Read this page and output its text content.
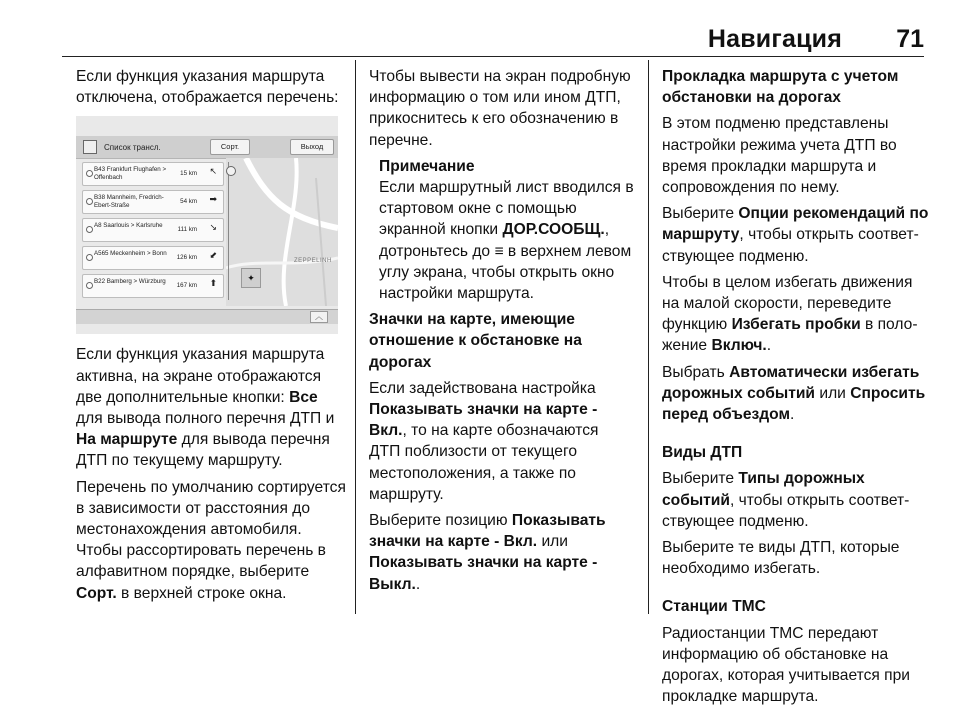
Навигация 71

Если функция указания маршрута отключена, отображается перечень:

Список трансл.	Сорт.	Выход
B43 Frankfurt Flughafen > Offenbach
15 km ↖
B38 Mannheim, Fredrich-Ebert-Straße
54 km ➡
A8 Saarlouis > Karlsruhe
111 km ↘
A565 Meckenheim > Bonn
126 km ⬋
B22 Bamberg > Würzburg
167 km ⬆	✦
ZEPPELINH
︿

Если функция указания маршрута активна, на экране отображаются две дополнительные кнопки: Все для вывода полного перечня ДТП и На маршруте для вывода перечня ДТП по текущему маршруту.

Перечень по умолчанию сортируется в зависимости от расстояния до местонахождения автомобиля. Чтобы рассортировать перечень в алфавитном порядке, выберите Сорт. в верхней строке окна.

Чтобы вывести на экран подробную информацию о том или ином ДТП, прикоснитесь к его обозначению в перечне.

Примечание

Если маршрутный лист вводился в стартовом окне с помощью экранной кнопки ДОР.СООБЩ., дотроньтесь до ≡ в верхнем левом углу экрана, чтобы открыть окно настройки маршрута.

Значки на карте, имеющие отношение к обстановке на дорогах

Если задействована настройка Показывать значки на карте - Вкл., то на карте обозначаются ДТП поблизости от текущего местоположения, а также по маршруту.

Выберите позицию Показывать значки на карте - Вкл. или Показывать значки на карте - Выкл..

Прокладка маршрута с учетом обстановки на дорогах

В этом подменю представлены настройки режима учета ДТП во время прокладки маршрута и сопровождения по нему.

Выберите Опции рекомендаций по маршруту, чтобы открыть соответствующее подменю.

Чтобы в целом избегать движения на малой скорости, переведите функцию Избегать пробки в положение Включ..

Выбрать Автоматически избегать дорожных событий или Спросить перед объездом.

Виды ДТП

Выберите Типы дорожных событий, чтобы открыть соответствующее подменю.

Выберите те виды ДТП, которые необходимо избегать.

Станции TMC

Радиостанции TMC передают информацию об обстановке на дорогах, которая учитывается при прокладке маршрута.
